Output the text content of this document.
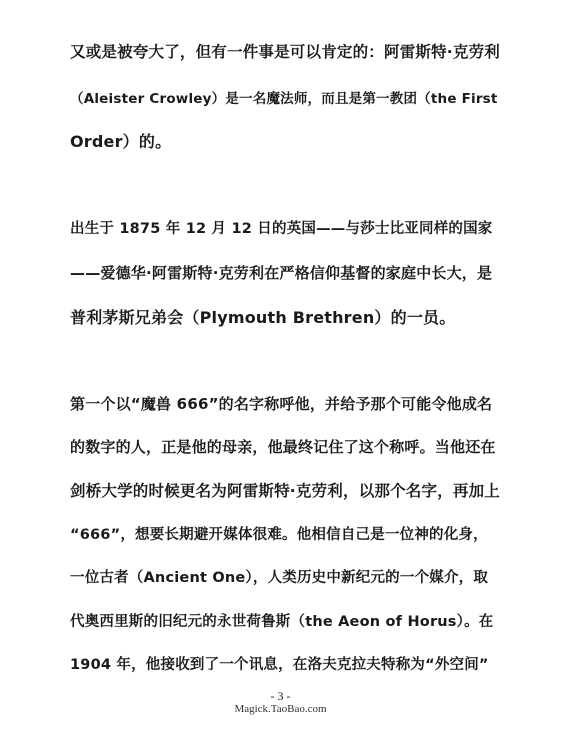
又或是被夸大了，但有一件事是可以肯定的：阿雷斯特·克劳利
（Aleister Crowley）是一名魔法师，而且是第一教团（the First
Order）的。
出生于 1875 年 12 月 12 日的英国——与莎士比亚同样的国家
——爱德华·阿雷斯特·克劳利在严格信仰基督的家庭中长大，是
普利茅斯兄弟会（Plymouth Brethren）的一员。
第一个以“魔兽 666”的名字称呼他，并给予那个可能令他成名
的数字的人，正是他的母亲，他最终记住了这个称呼。当他还在
剑桥大学的时候更名为阿雷斯特·克劳利，以那个名字，再加上
“666”，想要长期避开媒体很难。他相信自己是一位神的化身，
一位古者（Ancient One），人类历史中新纪元的一个媒介，取
代奥西里斯的旧纪元的永世荷鲁斯（the Aeon of Horus）。在
1904 年，他接收到了一个讯息，在洛夫克拉夫特称为“外空间”
- 3 -
Magick.TaoBao.com
